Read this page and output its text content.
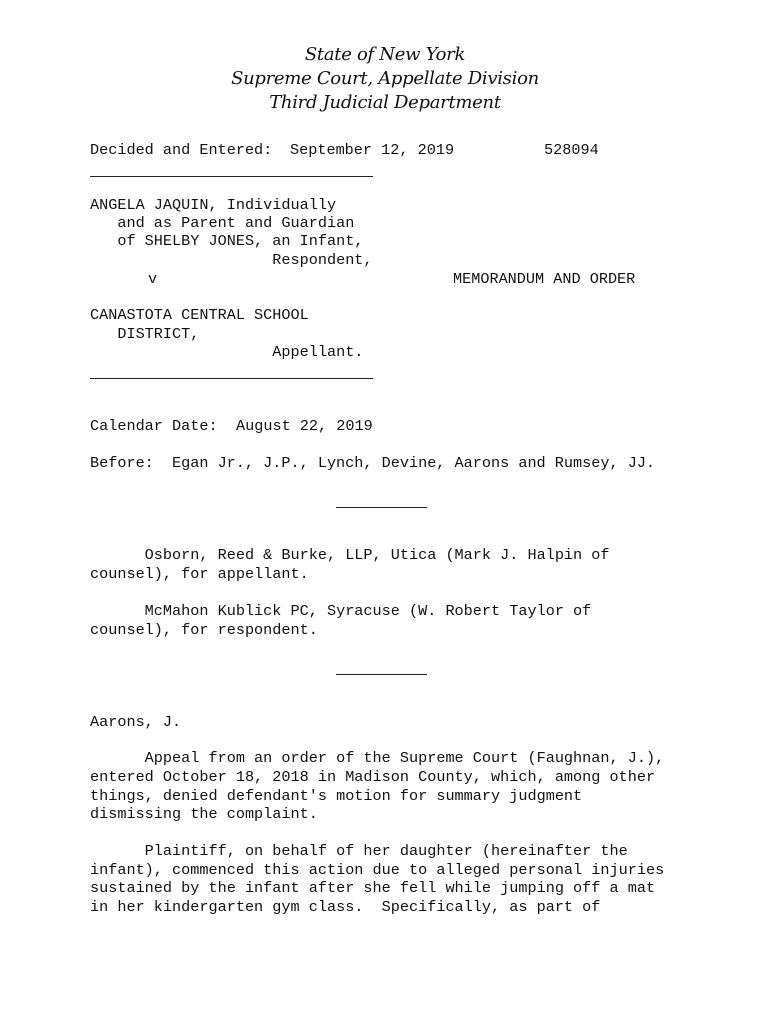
State of New York
Supreme Court, Appellate Division
Third Judicial Department
Decided and Entered: September 12, 2019	528094
ANGELA JAQUIN, Individually
and as Parent and Guardian
of SHELBY JONES, an Infant,
Respondent,
v	MEMORANDUM AND ORDER
CANASTOTA CENTRAL SCHOOL
DISTRICT,
Appellant.
Calendar Date: August 22, 2019
Before: Egan Jr., J.P., Lynch, Devine, Aarons and Rumsey, JJ.
Osborn, Reed & Burke, LLP, Utica (Mark J. Halpin of
counsel), for appellant.
McMahon Kublick PC, Syracuse (W. Robert Taylor of
counsel), for respondent.
Aarons, J.
Appeal from an order of the Supreme Court (Faughnan, J.),
entered October 18, 2018 in Madison County, which, among other
things, denied defendant's motion for summary judgment
dismissing the complaint.
Plaintiff, on behalf of her daughter (hereinafter the
infant), commenced this action due to alleged personal injuries
sustained by the infant after she fell while jumping off a mat
in her kindergarten gym class.  Specifically, as part of
